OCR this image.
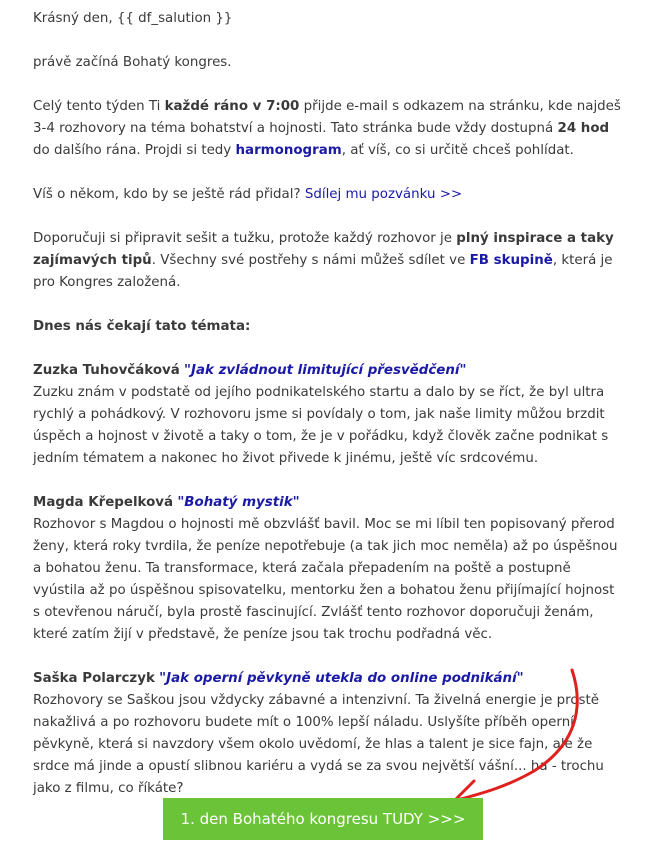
Krásný den, {{ df_salution }}

právě začíná Bohatý kongres.

Celý tento týden Ti každé ráno v 7:00 přijde e-mail s odkazem na stránku, kde najdeš 3-4 rozhovory na téma bohatství a hojnosti. Tato stránka bude vždy dostupná 24 hod do dalšího rána. Projdi si tedy harmonogram, ať víš, co si určitě chceš pohlídat.

Víš o někom, kdo by se ještě rád přidal? Sdílej mu pozvánku >>

Doporučuji si připravit sešit a tužku, protože každý rozhovor je plný inspirace a taky zajímavých tipů. Všechny své postřehy s námi můžeš sdílet ve FB skupině, která je pro Kongres založená.

Dnes nás čekají tato témata:

Zuzka Tuhovčáková "Jak zvládnout limitující přesvědčení"

Zuzku znám v podstatě od jejího podnikatelského startu a dalo by se říct, že byl ultra rychlý a pohádkový. V rozhovoru jsme si povídaly o tom, jak naše limity můžou brzdit úspěch a hojnost v životě a taky o tom, že je v pořádku, když člověk začne podnikat s jedním tématem a nakonec ho život přivede k jinému, ještě víc srdcovému.

Magda Křepelková "Bohatý mystik"

Rozhovor s Magdou o hojnosti mě obzvlášť bavil. Moc se mi líbil ten popisovaný přerod ženy, která roky tvrdila, že peníze nepotřebuje (a tak jich moc neměla) až po úspěšnou a bohatou ženu. Ta transformace, která začala přepadením na poště a postupně vyústila až po úspěšnou spisovatelku, mentorku žen a bohatou ženu přijímající hojnost s otevřenou náručí, byla prostě fascinující. Zvlášť tento rozhovor doporučuji ženám, které zatím žijí v představě, že peníze jsou tak trochu podřadná věc.

Saška Polarczyk "Jak operní pěvkyně utekla do online podnikání"

Rozhovory se Saškou jsou vždycky zábavné a intenzivní. Ta živelná energie je prostě nakažlivá a po rozhovoru budete mít o 100% lepší náladu. Uslyšíte příběh operní pěvkyně, která si navzdory všem okolo uvědomí, že hlas a talent je sice fajn, ale že srdce má jinde a opustí slibnou kariéru a vydá se za svou největší vášní... ha - trochu jako z filmu, co říkáte?

1. den Bohatého kongresu TUDY >>>
